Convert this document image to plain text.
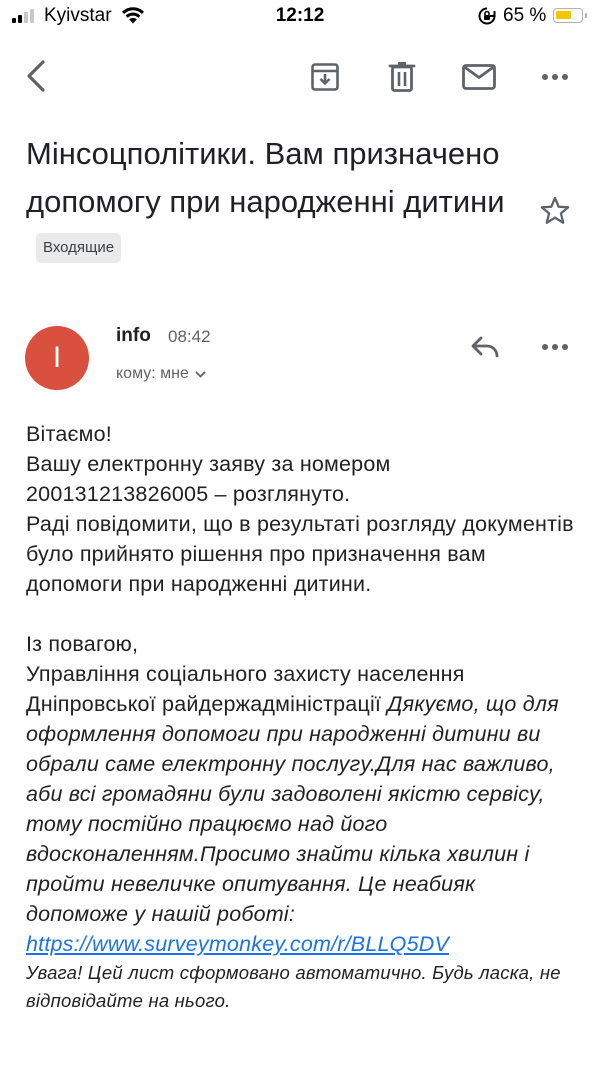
Kyivstar	12:12	65 %
Мінсоцполітики. Вам призначено допомогу при народженні дитиниВходящие
I
info 08:42
кому: мне

Вітаємо!

Вашу електронну заяву за номером 200131213826005 – розглянуто.

Раді повідомити, що в результаті розгляду документів було прийнято рішення про призначення вам допомоги при народженні дитини.

Із повагою,

Управління соціального захисту населення Дніпровської райдержадміністрації Дякуємо, що для оформлення допомоги при народженні дитини ви обрали саме електронну послугу.Для нас важливо, аби всі громадяни були задоволені якістю сервісу, тому постійно працюємо над його вдосконаленням.Просимо знайти кілька хвилин і пройти невеличке опитування. Це неабияк допоможе у нашій роботі:

https://www.surveymonkey.com/r/BLLQ5DV

Увага! Цей лист сформовано автоматично. Будь ласка, не відповідайте на нього.
